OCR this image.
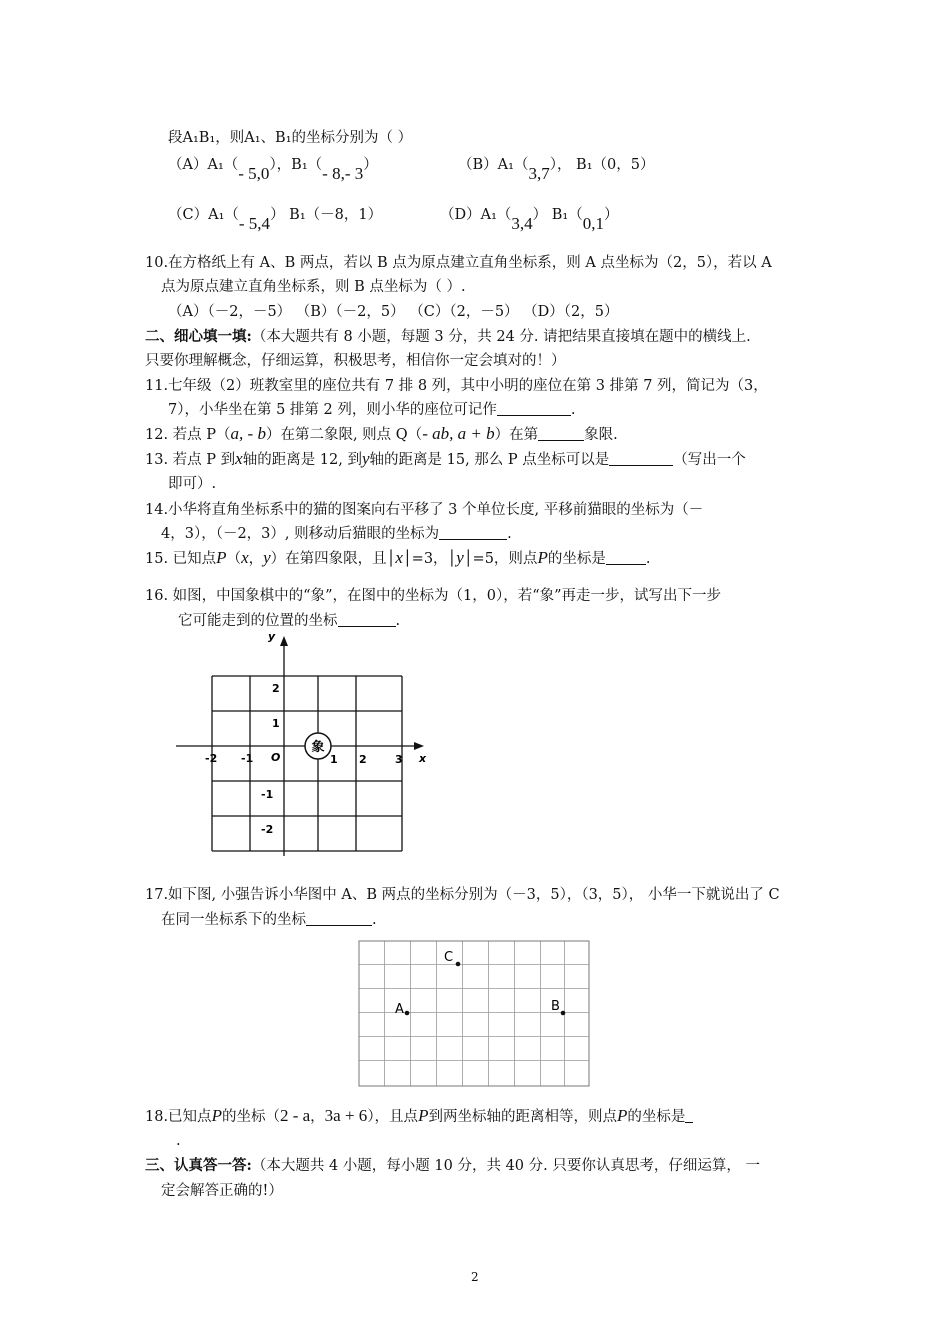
段A₁B₁，则A₁、B₁的坐标分别为（ ）
（A）A₁（- 5,0），B₁（- 8,- 3）	（B）A₁（3,7）， B₁（0，5）
（C）A₁（- 5,4） B₁（－8，1）	（D）A₁（3,4） B₁（0,1）
10.在方格纸上有 A、B 两点，若以 B 点为原点建立直角坐标系，则 A 点坐标为（2，5），若以 A
点为原点建立直角坐标系，则 B 点坐标为（ ）.
（A）（－2，－5） （B）（－2，5） （C）（2，－5） （D）（2，5）
二、细心填一填:（本大题共有 8 小题，每题 3 分，共 24 分. 请把结果直接填在题中的横线上.
只要你理解概念，仔细运算，积极思考，相信你一定会填对的！）
11.七年级（2）班教室里的座位共有 7 排 8 列，其中小明的座位在第 3 排第 7 列，简记为（3，
7），小华坐在第 5 排第 2 列，则小华的座位可记作	.
12. 若点 P（a, - b）在第二象限, 则点 Q（- ab, a + b）在第	象限.
13. 若点 P 到x轴的距离是 12, 到y轴的距离是 15, 那么 P 点坐标可以是	（写出一个
即可）.
14.小华将直角坐标系中的猫的图案向右平移了 3 个单位长度, 平移前猫眼的坐标为（－
4，3），（－2，3）, 则移动后猫眼的坐标为	.
15. 已知点P（x，y）在第四象限，且│x│=3，│y│=5，则点P的坐标是	.
16. 如图，中国象棋中的“象”，在图中的坐标为（1，0），若“象”再走一步，试写出下一步
它可能走到的位置的坐标	.
y
x
O
-2 -1	1 2	3
2
1
-1
-2
象
17.如下图, 小强告诉小华图中 A、B 两点的坐标分别为（－3，5），（3，5）， 小华一下就说出了 C
在同一坐标系下的坐标	.
C
A	B
18.已知点P的坐标（2 - a，3a + 6），且点P到两坐标轴的距离相等，则点P的坐标是
.
三、认真答一答:（本大题共 4 小题，每小题 10 分，共 40 分. 只要你认真思考，仔细运算， 一
定会解答正确的!）
2
